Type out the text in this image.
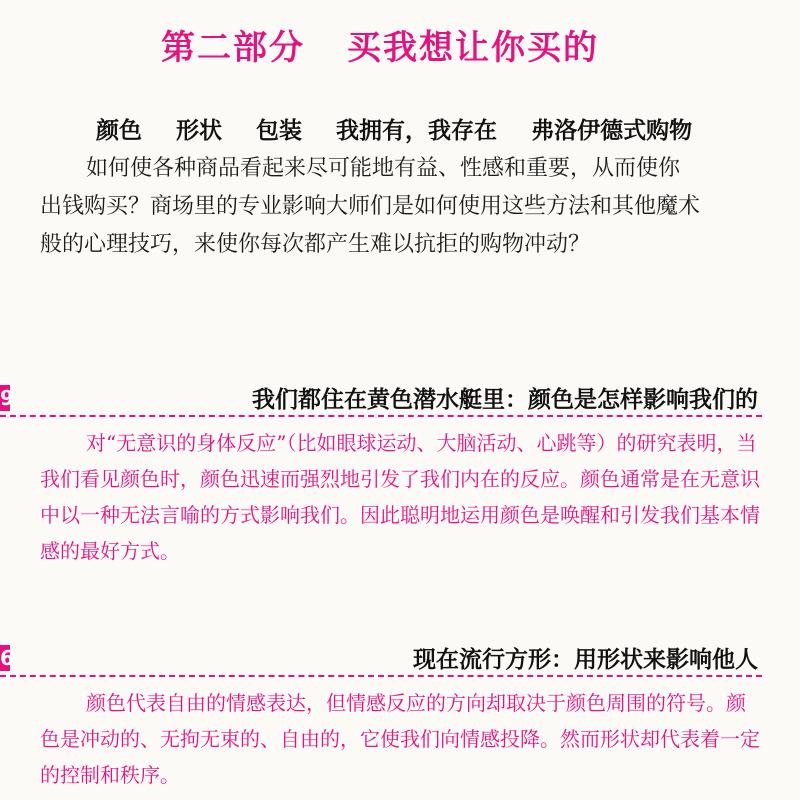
第二部分 买我想让你买的
颜色 形状 包装 我拥有，我存在 弗洛伊德式购物

如何使各种商品看起来尽可能地有益、性感和重要，从而使你出钱购买？商场里的专业影响大师们是如何使用这些方法和其他魔术般的心理技巧，来使你每次都产生难以抗拒的购物冲动？

9	我们都住在黄色潜水艇里：颜色是怎样影响我们的

对“无意识的身体反应”（比如眼球运动、大脑活动、心跳等）的研究表明，当我们看见颜色时，颜色迅速而强烈地引发了我们内在的反应。颜色通常是在无意识中以一种无法言喻的方式影响我们。因此聪明地运用颜色是唤醒和引发我们基本情感的最好方式。

6	现在流行方形：用形状来影响他人

颜色代表自由的情感表达，但情感反应的方向却取决于颜色周围的符号。颜色是冲动的、无拘无束的、自由的，它使我们向情感投降。然而形状却代表着一定的控制和秩序。
